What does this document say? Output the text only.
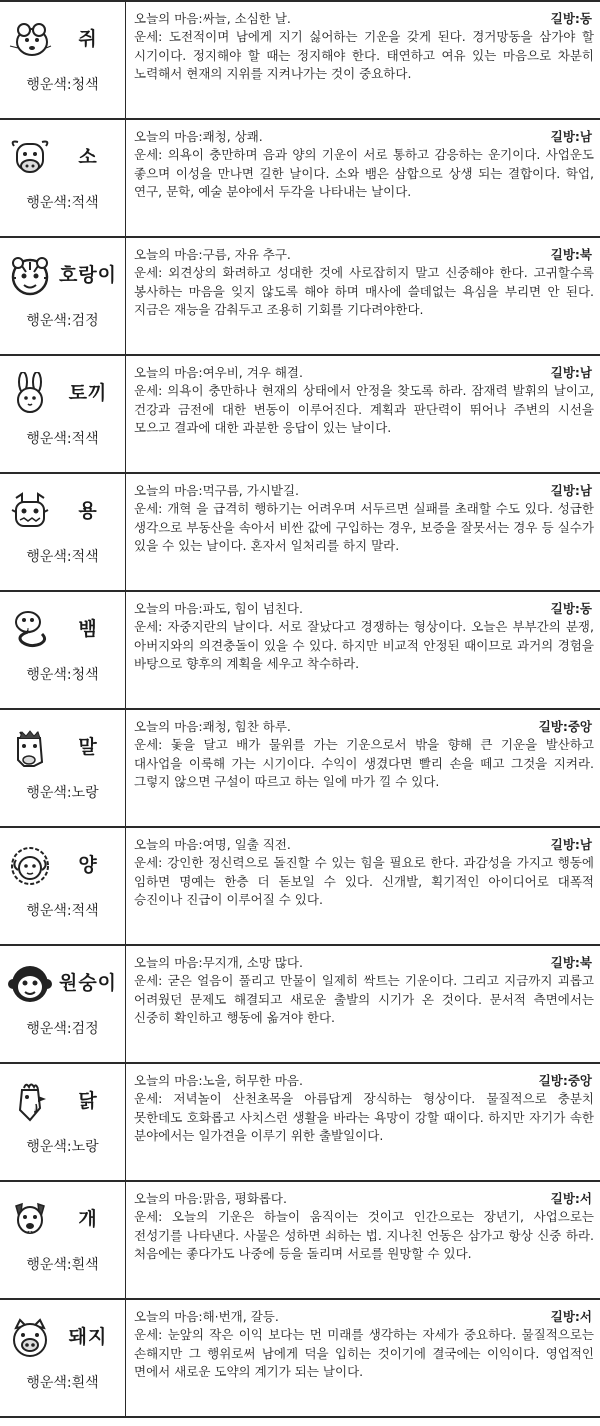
쥐
행운색:청색
오늘의 마음:싸늘, 소심한 날.	길방:동
운세: 도전적이며 남에게 지기 싫어하는 기운을 갖게 된다. 경거망동을 삼가야 할 시기이다. 정지해야 할 때는 정지해야 한다. 태연하고 여유 있는 마음으로 차분히 노력해서 현재의 지위를 지켜나가는 것이 중요하다.
소
행운색:적색
오늘의 마음:쾌청, 상쾌.	길방:남
운세: 의욕이 충만하며 음과 양의 기운이 서로 통하고 감응하는 운기이다. 사업운도 좋으며 이성을 만나면 길한 날이다. 소와 뱀은 삼합으로 상생 되는 결합이다. 학업, 연구, 문학, 예술 분야에서 두각을 나타내는 날이다.
호랑이
행운색:검정
오늘의 마음:구름, 자유 추구.	길방:북
운세: 외견상의 화려하고 성대한 것에 사로잡히지 말고 신중해야 한다. 고귀할수록 봉사하는 마음을 잊지 않도록 해야 하며 매사에 쓸데없는 욕심을 부리면 안 된다. 지금은 재능을 감춰두고 조용히 기회를 기다려야한다.
토끼
행운색:적색
오늘의 마음:여우비, 겨우 해결.	길방:남
운세: 의욕이 충만하나 현재의 상태에서 안정을 찾도록 하라. 잠재력 발휘의 날이고, 건강과 금전에 대한 변동이 이루어진다. 계획과 판단력이 뛰어나 주변의 시선을 모으고 결과에 대한 과분한 응답이 있는 날이다.
용
행운색:적색
오늘의 마음:먹구름, 가시밭길.	길방:남
운세: 개혁 을 급격히 행하기는 어려우며 서두르면 실패를 초래할 수도 있다. 성급한 생각으로 부동산을 속아서 비싼 값에 구입하는 경우, 보증을 잘못서는 경우 등 실수가 있을 수 있는 날이다. 혼자서 일처리를 하지 말라.
뱀
행운색:청색
오늘의 마음:파도, 힘이 넘친다.	길방:동
운세: 자중지란의 날이다. 서로 잘났다고 경쟁하는 형상이다. 오늘은 부부간의 분쟁, 아버지와의 의견충돌이 있을 수 있다. 하지만 비교적 안정된 때이므로 과거의 경험을 바탕으로 향후의 계획을 세우고 착수하라.
말
행운색:노랑
오늘의 마음:쾌청, 힘찬 하루.	길방:중앙
운세: 돛을 달고 배가 물위를 가는 기운으로서 밖을 향해 큰 기운을 발산하고 대사업을 이룩해 가는 시기이다. 수익이 생겼다면 빨리 손을 떼고 그것을 지켜라. 그렇지 않으면 구설이 따르고 하는 일에 마가 낄 수 있다.
양
행운색:적색
오늘의 마음:여명, 일출 직전.	길방:남
운세: 강인한 정신력으로 돌진할 수 있는 힘을 필요로 한다. 과감성을 가지고 행동에 임하면 명예는 한층 더 돋보일 수 있다. 신개발, 획기적인 아이디어로 대폭적 승진이나 진급이 이루어질 수 있다.
원숭이
행운색:검정
오늘의 마음:무지개, 소망 많다.	길방:북
운세: 굳은 얼음이 풀리고 만물이 일제히 싹트는 기운이다. 그리고 지금까지 괴롭고 어려웠던 문제도 해결되고 새로운 출발의 시기가 온 것이다. 문서적 측면에서는 신중히 확인하고 행동에 옮겨야 한다.
닭
행운색:노랑
오늘의 마음:노을, 허무한 마음.	길방:중앙
운세: 저녁놀이 산천초목을 아름답게 장식하는 형상이다. 물질적으로 충분치 못한데도 호화롭고 사치스런 생활을 바라는 욕망이 강할 때이다. 하지만 자기가 속한 분야에서는 일가견을 이루기 위한 출발일이다.
개
행운색:흰색
오늘의 마음:맑음, 평화롭다.	길방:서
운세: 오늘의 기운은 하늘이 움직이는 것이고 인간으로는 장년기, 사업으로는 전성기를 나타낸다. 사물은 성하면 쇠하는 법. 지나친 언동은 삼가고 항상 신중 하라. 처음에는 좋다가도 나중에 등을 돌리며 서로를 원망할 수 있다.
돼지
행운색:흰색
오늘의 마음:해·번개, 갈등.	길방:서
운세: 눈앞의 작은 이익 보다는 먼 미래를 생각하는 자세가 중요하다. 물질적으로는 손해지만 그 행위로써 남에게 덕을 입히는 것이기에 결국에는 이익이다. 영업적인 면에서 새로운 도약의 계기가 되는 날이다.
